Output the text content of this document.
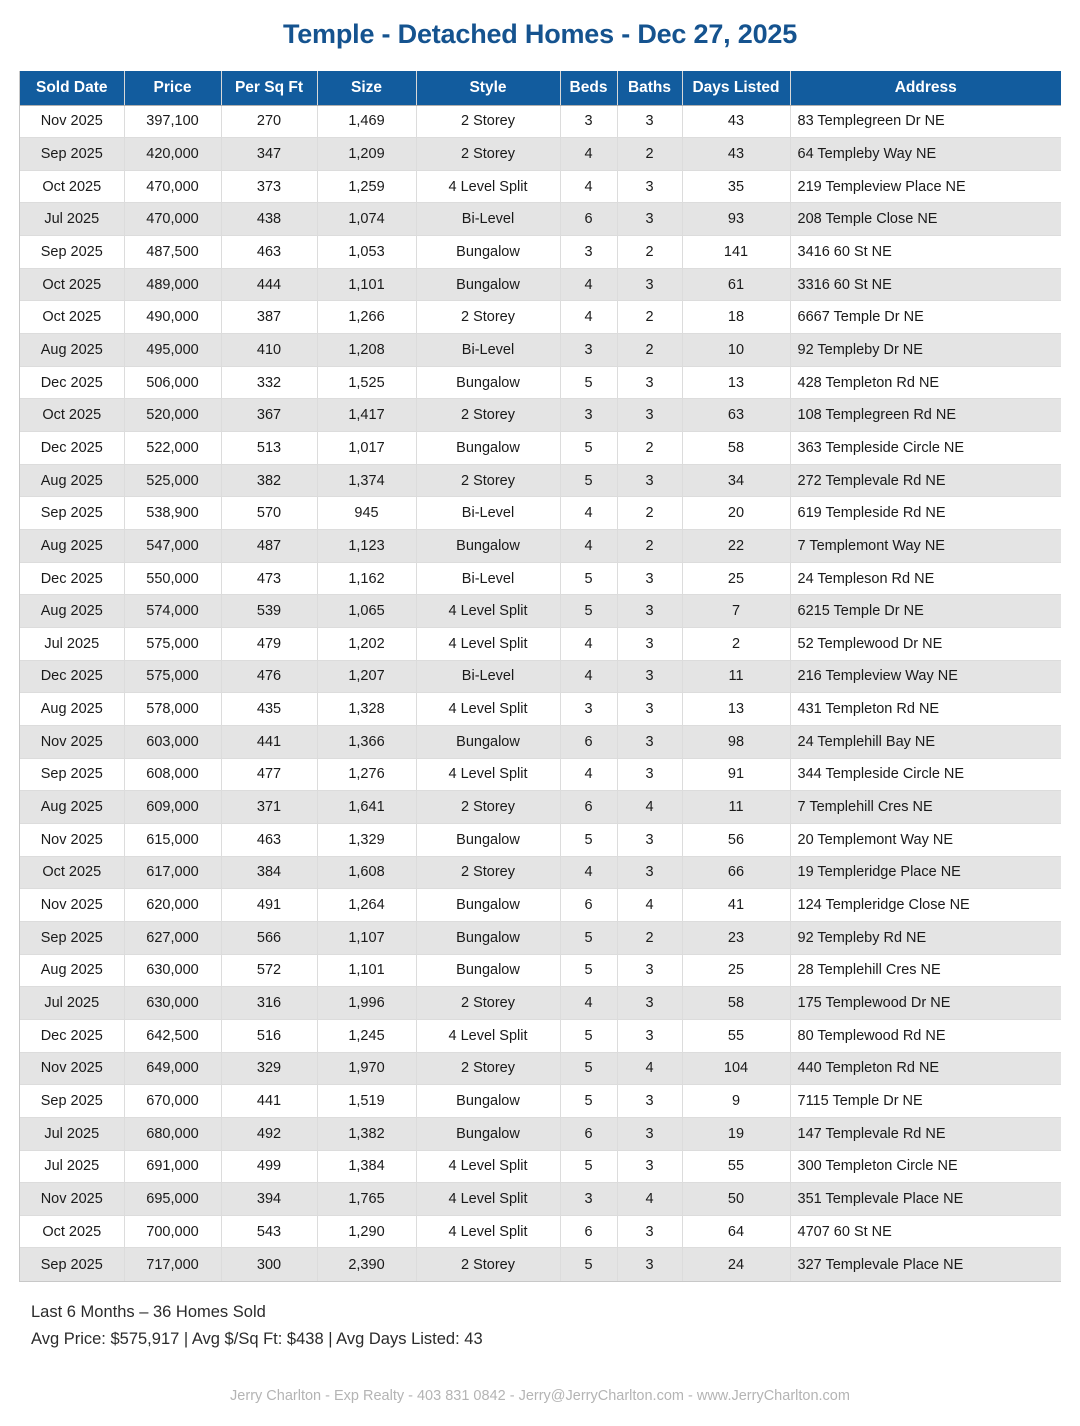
Temple - Detached Homes - Dec 27, 2025
Sold Date	Price	Per Sq Ft	Size	Style	Beds	Baths	Days Listed	Address
Nov 2025	397,100	270	1,469	2 Storey	3	3	43	83 Templegreen Dr NE
Sep 2025	420,000	347	1,209	2 Storey	4	2	43	64 Templeby Way NE
Oct 2025	470,000	373	1,259	4 Level Split	4	3	35	219 Templeview Place NE
Jul 2025	470,000	438	1,074	Bi-Level	6	3	93	208 Temple Close NE
Sep 2025	487,500	463	1,053	Bungalow	3	2	141	3416 60 St NE
Oct 2025	489,000	444	1,101	Bungalow	4	3	61	3316 60 St NE
Oct 2025	490,000	387	1,266	2 Storey	4	2	18	6667 Temple Dr NE
Aug 2025	495,000	410	1,208	Bi-Level	3	2	10	92 Templeby Dr NE
Dec 2025	506,000	332	1,525	Bungalow	5	3	13	428 Templeton Rd NE
Oct 2025	520,000	367	1,417	2 Storey	3	3	63	108 Templegreen Rd NE
Dec 2025	522,000	513	1,017	Bungalow	5	2	58	363 Templeside Circle NE
Aug 2025	525,000	382	1,374	2 Storey	5	3	34	272 Templevale Rd NE
Sep 2025	538,900	570	945	Bi-Level	4	2	20	619 Templeside Rd NE
Aug 2025	547,000	487	1,123	Bungalow	4	2	22	7 Templemont Way NE
Dec 2025	550,000	473	1,162	Bi-Level	5	3	25	24 Templeson Rd NE
Aug 2025	574,000	539	1,065	4 Level Split	5	3	7	6215 Temple Dr NE
Jul 2025	575,000	479	1,202	4 Level Split	4	3	2	52 Templewood Dr NE
Dec 2025	575,000	476	1,207	Bi-Level	4	3	11	216 Templeview Way NE
Aug 2025	578,000	435	1,328	4 Level Split	3	3	13	431 Templeton Rd NE
Nov 2025	603,000	441	1,366	Bungalow	6	3	98	24 Templehill Bay NE
Sep 2025	608,000	477	1,276	4 Level Split	4	3	91	344 Templeside Circle NE
Aug 2025	609,000	371	1,641	2 Storey	6	4	11	7 Templehill Cres NE
Nov 2025	615,000	463	1,329	Bungalow	5	3	56	20 Templemont Way NE
Oct 2025	617,000	384	1,608	2 Storey	4	3	66	19 Templeridge Place NE
Nov 2025	620,000	491	1,264	Bungalow	6	4	41	124 Templeridge Close NE
Sep 2025	627,000	566	1,107	Bungalow	5	2	23	92 Templeby Rd NE
Aug 2025	630,000	572	1,101	Bungalow	5	3	25	28 Templehill Cres NE
Jul 2025	630,000	316	1,996	2 Storey	4	3	58	175 Templewood Dr NE
Dec 2025	642,500	516	1,245	4 Level Split	5	3	55	80 Templewood Rd NE
Nov 2025	649,000	329	1,970	2 Storey	5	4	104	440 Templeton Rd NE
Sep 2025	670,000	441	1,519	Bungalow	5	3	9	7115 Temple Dr NE
Jul 2025	680,000	492	1,382	Bungalow	6	3	19	147 Templevale Rd NE
Jul 2025	691,000	499	1,384	4 Level Split	5	3	55	300 Templeton Circle NE
Nov 2025	695,000	394	1,765	4 Level Split	3	4	50	351 Templevale Place NE
Oct 2025	700,000	543	1,290	4 Level Split	6	3	64	4707 60 St NE
Sep 2025	717,000	300	2,390	2 Storey	5	3	24	327 Templevale Place NE
Last 6 Months – 36 Homes Sold
Avg Price: $575,917 | Avg $/Sq Ft: $438 | Avg Days Listed: 43
Jerry Charlton - Exp Realty - 403 831 0842 - Jerry@JerryCharlton.com - www.JerryCharlton.com
